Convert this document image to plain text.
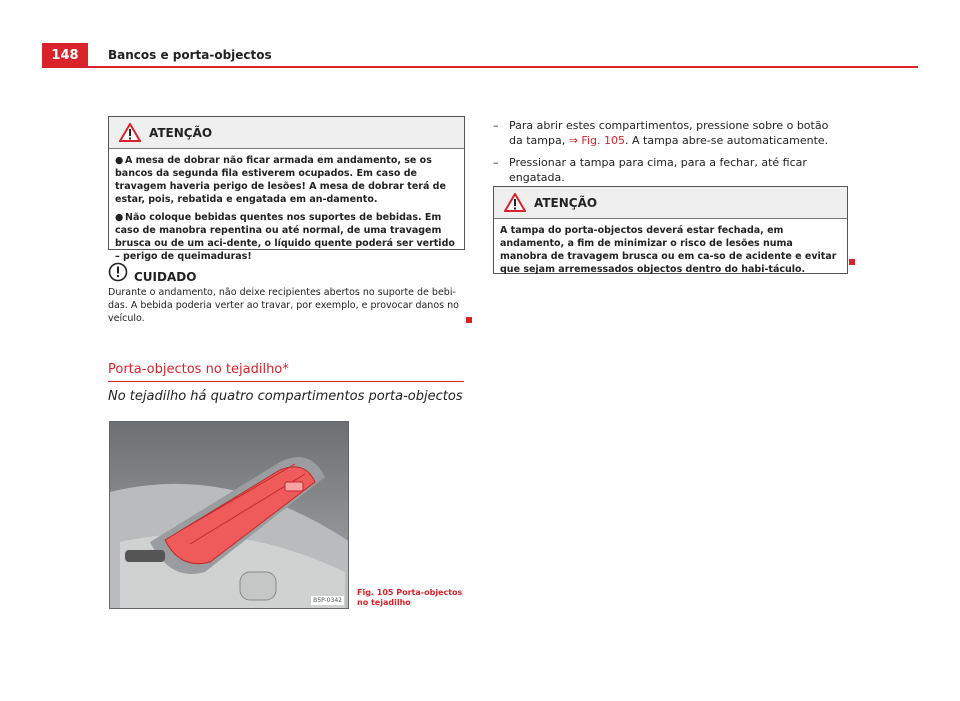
148	Bancos e porta-objectos
ATENÇÃO

● A mesa de dobrar não ficar armada em andamento, se os bancos da segunda fila estiverem ocupados. Em caso de travagem haveria perigo de lesões! A mesa de dobrar terá de estar, pois, rebatida e engatada em an-damento.

● Não coloque bebidas quentes nos suportes de bebidas. Em caso de manobra repentina ou até normal, de uma travagem brusca ou de um aci-dente, o líquido quente poderá ser vertido – perigo de queimaduras!

CUIDADO
Durante o andamento, não deixe recipientes abertos no suporte de bebi-das. A bebida poderia verter ao travar, por exemplo, e provocar danos no veículo.
Porta-objectos no tejadilho*
No tejadilho há quatro compartimentos porta-objectos
B5P-0342
Fig. 105 Porta-objectos
no tejadilho
– Para abrir estes compartimentos, pressione sobre o botão da tampa, ⇒ Fig. 105. A tampa abre-se automaticamente.
– Pressionar a tampa para cima, para a fechar, até ficar engatada.
ATENÇÃO

A tampa do porta-objectos deverá estar fechada, em andamento, a fim de minimizar o risco de lesões numa manobra de travagem brusca ou em ca-so de acidente e evitar que sejam arremessados objectos dentro do habi-táculo.
